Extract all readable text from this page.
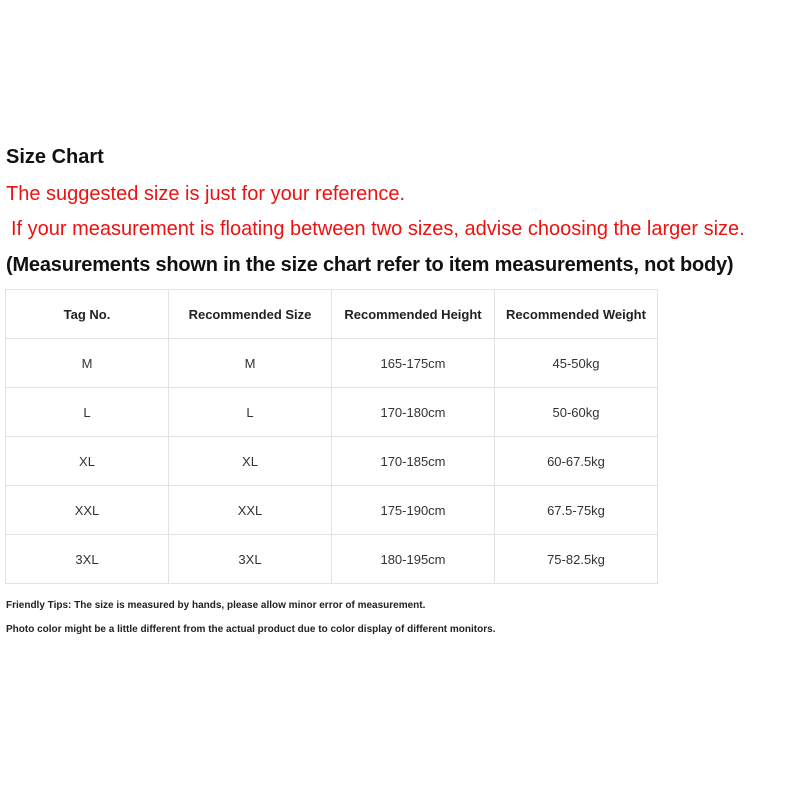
Size Chart
The suggested size is just for your reference.
If your measurement is floating between two sizes, advise choosing the larger size.
(Measurements shown in the size chart refer to item measurements, not body)
Tag No.	Recommended Size	Recommended Height	Recommended Weight
M	M	165-175cm	45-50kg
L	L	170-180cm	50-60kg
XL	XL	170-185cm	60-67.5kg
XXL	XXL	175-190cm	67.5-75kg
3XL	3XL	180-195cm	75-82.5kg
Friendly Tips: The size is measured by hands, please allow minor error of measurement.
Photo color might be a little different from the actual product due to color display of different monitors.
